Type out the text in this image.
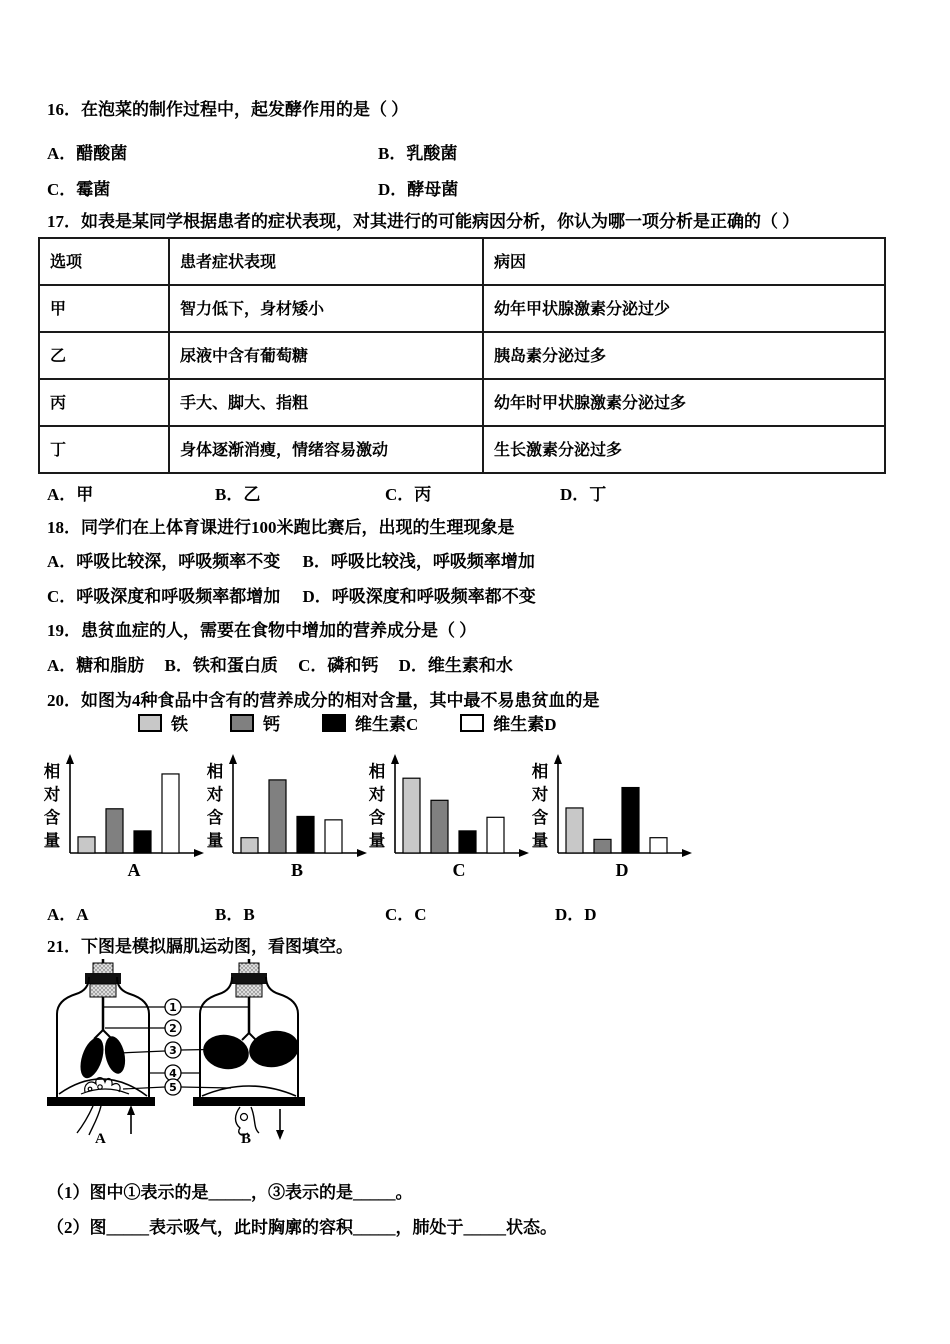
16．在泡菜的制作过程中，起发酵作用的是（ ）
A．醋酸菌	B．乳酸菌
C．霉菌	D．酵母菌
17．如表是某同学根据患者的症状表现，对其进行的可能病因分析，你认为哪一项分析是正确的（ ）
选项	患者症状表现	病因
甲	智力低下，身材矮小	幼年甲状腺激素分泌过少
乙	尿液中含有葡萄糖	胰岛素分泌过多
丙	手大、脚大、指粗	幼年时甲状腺激素分泌过多
丁	身体逐渐消瘦，情绪容易激动	生长激素分泌过多
A．甲	B．乙	C．丙	D．丁
18．同学们在上体育课进行100米跑比赛后，出现的生理现象是
A．呼吸比较深，呼吸频率不变 B．呼吸比较浅，呼吸频率增加
C．呼吸深度和呼吸频率都增加 D．呼吸深度和呼吸频率都不变
19．患贫血症的人，需要在食物中增加的营养成分是（ ）
A．糖和脂肪 B．铁和蛋白质 C．磷和钙 D．维生素和水
20．如图为4种食品中含有的营养成分的相对含量，其中最不易患贫血的是
铁	钙	维生素C	维生素D
相
对
含
量
A
相
对
含
量
B
相
对
含
量
C
相
对
含
量
D
A．A	B．B	C．C	D．D
21．下图是模拟膈肌运动图，看图填空。
A	B
1
2
3
4
5
（1）图中①表示的是_____，③表示的是_____。
（2）图_____表示吸气，此时胸廓的容积_____，肺处于_____状态。
